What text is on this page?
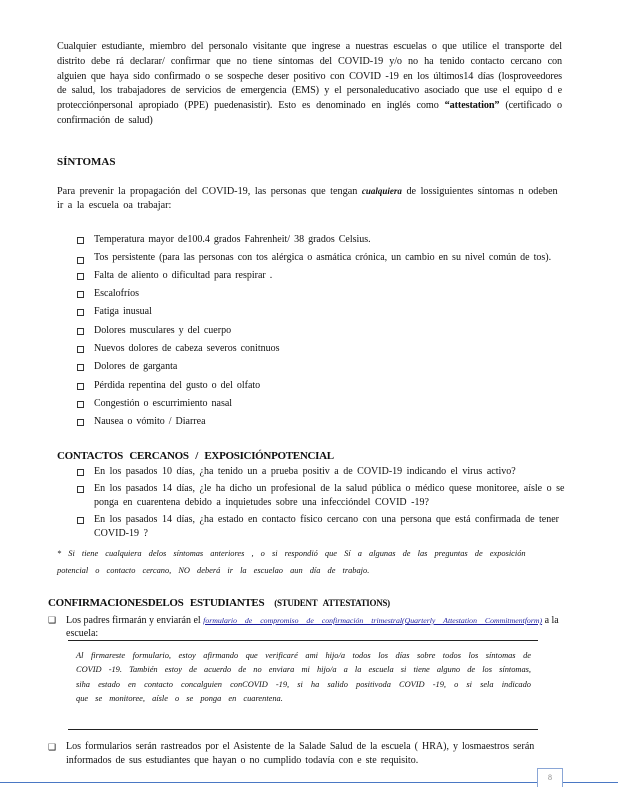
Cualquier estudiante, miembro del personalo visitante que ingrese a nuestras escuelas o que utilice el transporte del distrito debe rá declarar/ confirmar que no tiene síntomas del COVID-19 y/o no ha tenido contacto cercano con alguien que haya sido confirmado o se sospeche deser positivo con COVID -19 en los últimos14 días (losproveedores de salud, los trabajadores de servicios de emergencia (EMS) y el personaleducativo asociado que use el equipo d e protecciónpersonal apropiado (PPE) puedenasistir). Esto es denominado en inglés como “attestation” (certificado o confirmación de salud)

SÍNTOMAS

Para prevenir la propagación del COVID-19, las personas que tengan cualquiera de lossiguientes síntomas n odeben ir a la escuela oa trabajar:

Temperatura mayor de100.4 grados Fahrenheit/ 38 grados Celsius.
Tos persistente (para las personas con tos alérgica o asmática crónica, un cambio en su nivel común de tos).
Falta de aliento o dificultad para respirar .
Escalofríos
Fatiga inusual
Dolores musculares y del cuerpo
Nuevos dolores de cabeza severos conitnuos
Dolores de garganta
Pérdida repentina del gusto o del olfato
Congestión o escurrimiento nasal
Nausea o vómito / Diarrea
CONTACTOS CERCANOS / EXPOSICIÓNPOTENCIAL
En los pasados 10 días, ¿ha tenido un a prueba positiv a de COVID-19 indicando el virus activo?
En los pasados 14 días, ¿le ha dicho un profesional de la salud pública o médico quese monitoree, aísle o se ponga en cuarentena debido a inquietudes sobre una infeccióndel COVID -19?
En los pasados 14 días, ¿ha estado en contacto físico cercano con una persona que está confirmada de tener COVID-19 ?
* Si tiene cualquiera delos síntomas anteriores , o si respondió que Sí a algunas de las preguntas de exposición potencial o contacto cercano, NO deberá ir la escuelao aun día de trabajo.
CONFIRMACIONESDELOS ESTUDIANTES (STUDENT ATTESTATIONS)
❑ Los padres firmarán y enviarán el formulario de compromiso de confirmación trimestral(Quarterly Attestation Commitmentform) a la escuela:

Al firmareste formulario, estoy afirmando que verificaré ami hijo/a todos los días sobre todos los síntomas de COVID -19. También estoy de acuerdo de no enviara mi hijo/a a la escuela si tiene alguno de los síntomas, siha estado en contacto concalguien conCOVID -19, si ha salido positivoda COVID -19, o si sela indicado que se monitoree, aísle o se ponga en cuarentena.

❑ Los formularios serán rastreados por el Asistente de la Salade Salud de la escuela ( HRA), y losmaestros serán informados de sus estudiantes que hayan o no cumplido todavía con e ste requisito.
8
